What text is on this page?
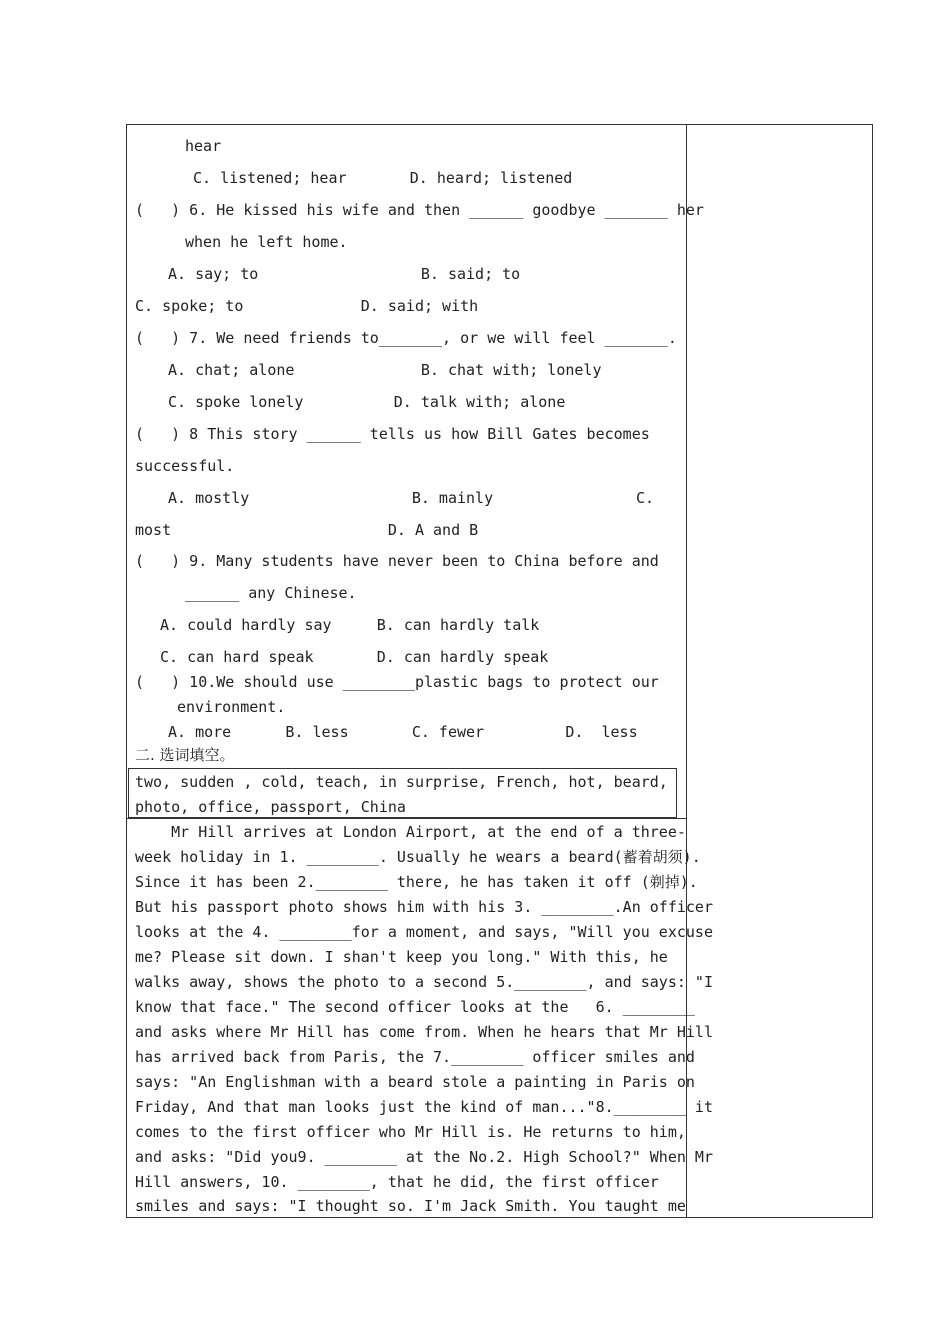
hear
C. listened; hear       D. heard; listened
(   ) 6. He kissed his wife and then ______ goodbye _______ her
when he left home.
A. say; to                  B. said; to
C. spoke; to             D. said; with
(   ) 7. We need friends to_______, or we will feel _______.
A. chat; alone              B. chat with; lonely
C. spoke lonely          D. talk with; alone
(   ) 8 This story ______ tells us how Bill Gates becomes
successful.
A. mostly                  B. mainly	C.
most                        D. A and B
(   ) 9. Many students have never been to China before and
______ any Chinese.
A. could hardly say     B. can hardly talk
C. can hard speak       D. can hardly speak
(   ) 10.We should use ________plastic bags to protect our
environment.
A. more      B. less       C. fewer         D.  less
二. 选词填空。
two, sudden , cold, teach, in surprise, French, hot, beard,
photo, office, passport, China
Mr Hill arrives at London Airport, at the end of a three-
week holiday in 1. ________. Usually he wears a beard(蓄着胡须).
Since it has been 2.________ there, he has taken it off (剃掉).
But his passport photo shows him with his 3. ________.An officer
looks at the 4. ________for a moment, and says, "Will you excuse
me? Please sit down. I shan't keep you long." With this, he
walks away, shows the photo to a second 5.________, and says: "I
know that face." The second officer looks at the   6. ________
and asks where Mr Hill has come from. When he hears that Mr Hill
has arrived back from Paris, the 7.________ officer smiles and
says: "An Englishman with a beard stole a painting in Paris on
Friday, And that man looks just the kind of man..."8.________ it
comes to the first officer who Mr Hill is. He returns to him,
and asks: "Did you9. ________ at the No.2. High School?" When Mr
Hill answers, 10. ________, that he did, the first officer
smiles and says: "I thought so. I'm Jack Smith. You taught me
